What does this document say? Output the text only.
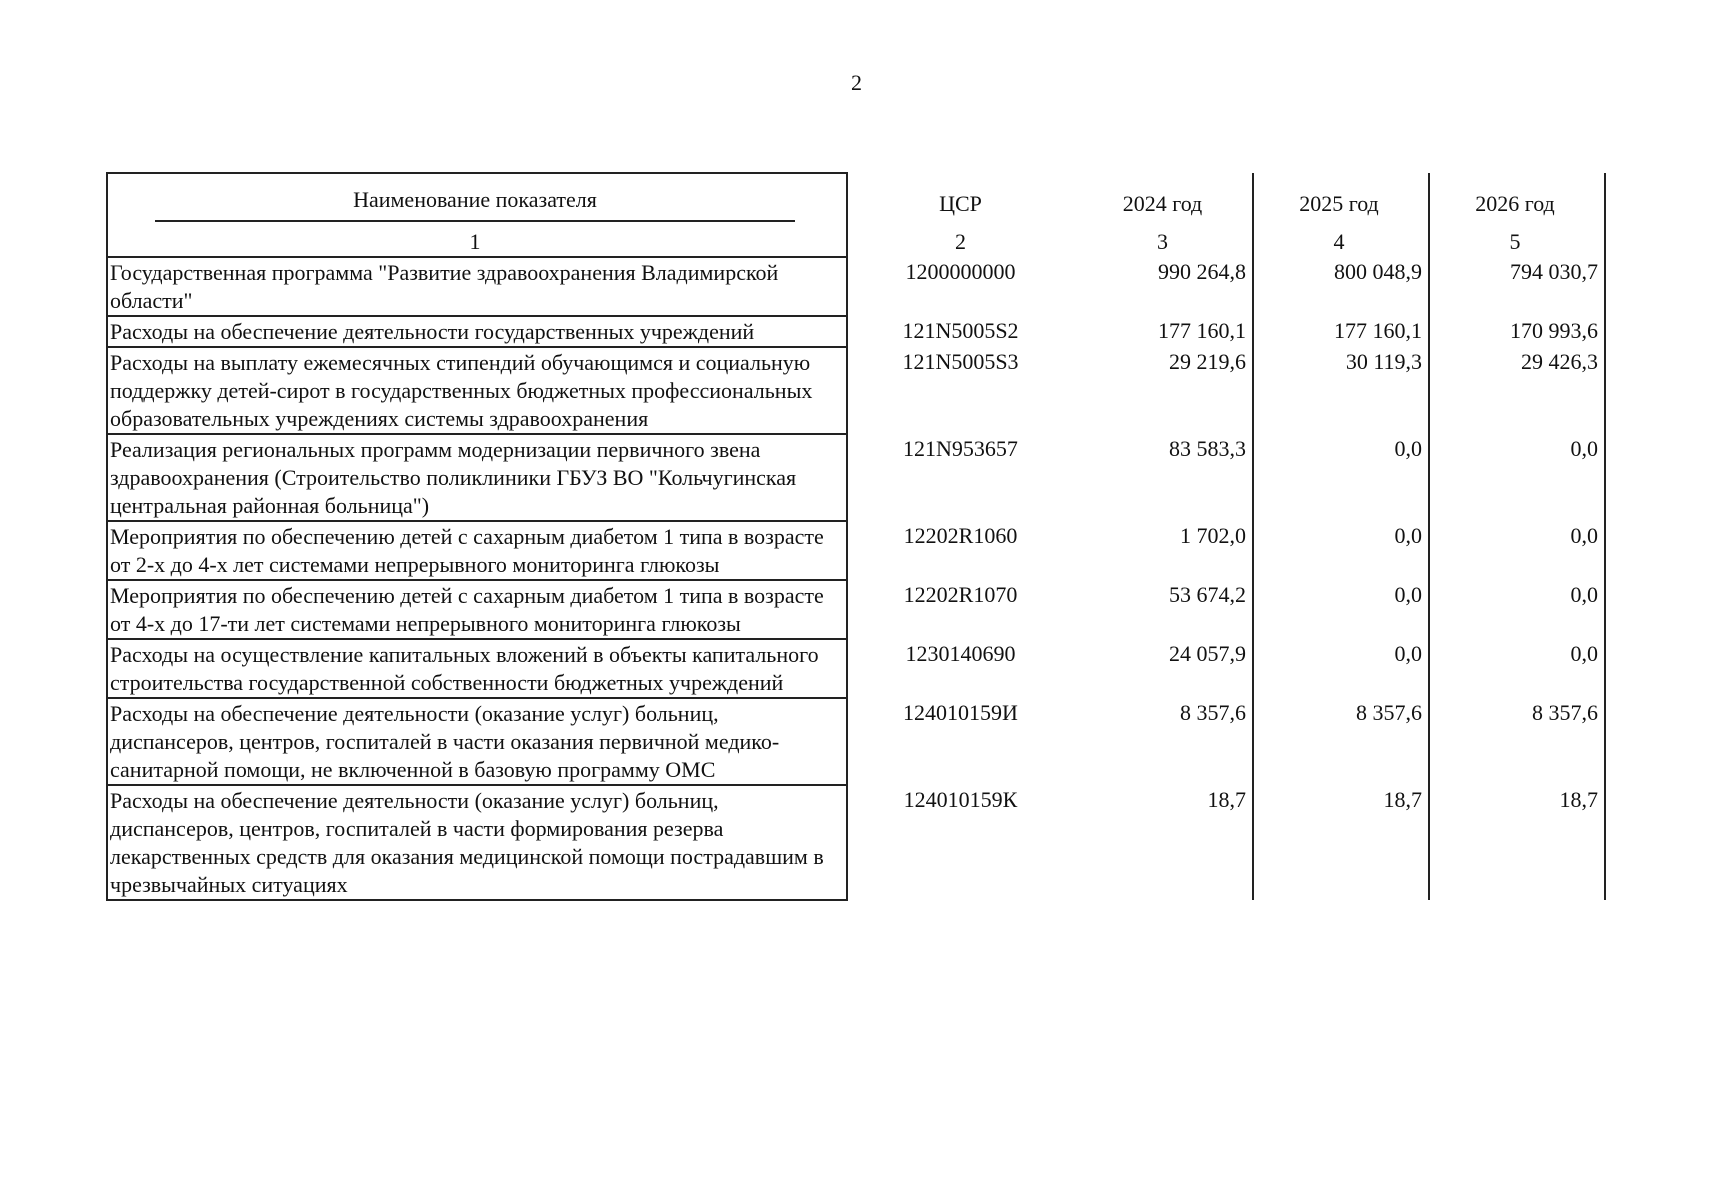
2
Наименование показателя	ЦСР	2024 год	2025 год	2026 год
1	2	3	4	5
Государственная программа "Развитие здравоохранения Владимирской области"	1200000000	990 264,8	800 048,9	794 030,7
Расходы на обеспечение деятельности государственных учреждений	121N5005S2	177 160,1	177 160,1	170 993,6
Расходы на выплату ежемесячных стипендий обучающимся и социальную поддержку детей-сирот в государственных бюджетных профессиональных образовательных учреждениях системы здравоохранения	121N5005S3	29 219,6	30 119,3	29 426,3
Реализация региональных программ модернизации первичного звена здравоохранения (Строительство поликлиники ГБУЗ ВО "Кольчугинская центральная районная больница")	121N953657	83 583,3	0,0	0,0
Мероприятия по обеспечению детей с сахарным диабетом 1 типа в возрасте от 2-х до 4-х лет системами непрерывного мониторинга глюкозы	12202R1060	1 702,0	0,0	0,0
Мероприятия по обеспечению детей с сахарным диабетом 1 типа в возрасте от 4-х до 17-ти лет системами непрерывного мониторинга глюкозы	12202R1070	53 674,2	0,0	0,0
Расходы на осуществление капитальных вложений в объекты капитального строительства государственной собственности бюджетных учреждений	1230140690	24 057,9	0,0	0,0
Расходы на обеспечение деятельности (оказание услуг) больниц, диспансеров, центров, госпиталей в части оказания первичной медико-санитарной помощи, не включенной в базовую программу ОМС	124010159И	8 357,6	8 357,6	8 357,6
Расходы на обеспечение деятельности (оказание услуг) больниц, диспансеров, центров, госпиталей в части формирования резерва лекарственных средств для оказания медицинской помощи пострадавшим в чрезвычайных ситуациях	124010159К	18,7	18,7	18,7
